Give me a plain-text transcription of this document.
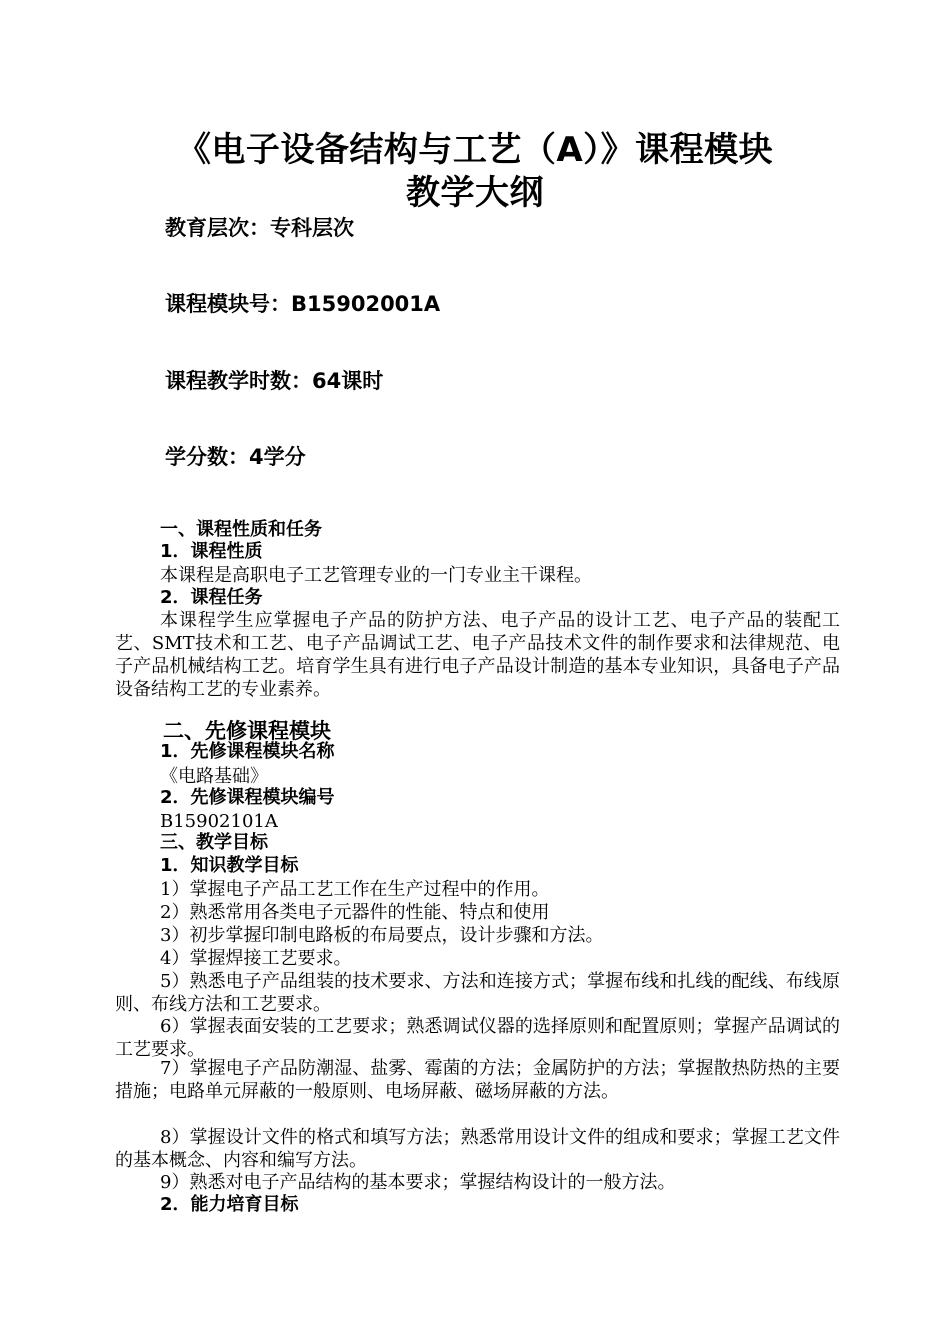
《电子设备结构与工艺（A）》课程模块
教学大纲
教育层次：专科层次
课程模块号：B15902001A
课程教学时数：64课时
学分数：4学分
一、课程性质和任务
1．课程性质
本课程是高职电子工艺管理专业的一门专业主干课程。
2．课程任务
本课程学生应掌握电子产品的防护方法、电子产品的设计工艺、电子产品的装配工艺、SMT技术和工艺、电子产品调试工艺、电子产品技术文件的制作要求和法律规范、电子产品机械结构工艺。培育学生具有进行电子产品设计制造的基本专业知识，具备电子产品设备结构工艺的专业素养。
二、先修课程模块
1．先修课程模块名称
《电路基础》
2．先修课程模块编号
B15902101A
三、教学目标
1．知识教学目标
1）掌握电子产品工艺工作在生产过程中的作用。
2）熟悉常用各类电子元器件的性能、特点和使用
3）初步掌握印制电路板的布局要点，设计步骤和方法。
4）掌握焊接工艺要求。
5）熟悉电子产品组装的技术要求、方法和连接方式；掌握布线和扎线的配线、布线原则、布线方法和工艺要求。
6）掌握表面安装的工艺要求；熟悉调试仪器的选择原则和配置原则；掌握产品调试的工艺要求。
7）掌握电子产品防潮湿、盐雾、霉菌的方法；金属防护的方法；掌握散热防热的主要措施；电路单元屏蔽的一般原则、电场屏蔽、磁场屏蔽的方法。
8）掌握设计文件的格式和填写方法；熟悉常用设计文件的组成和要求；掌握工艺文件的基本概念、内容和编写方法。
9）熟悉对电子产品结构的基本要求；掌握结构设计的一般方法。
2．能力培育目标
